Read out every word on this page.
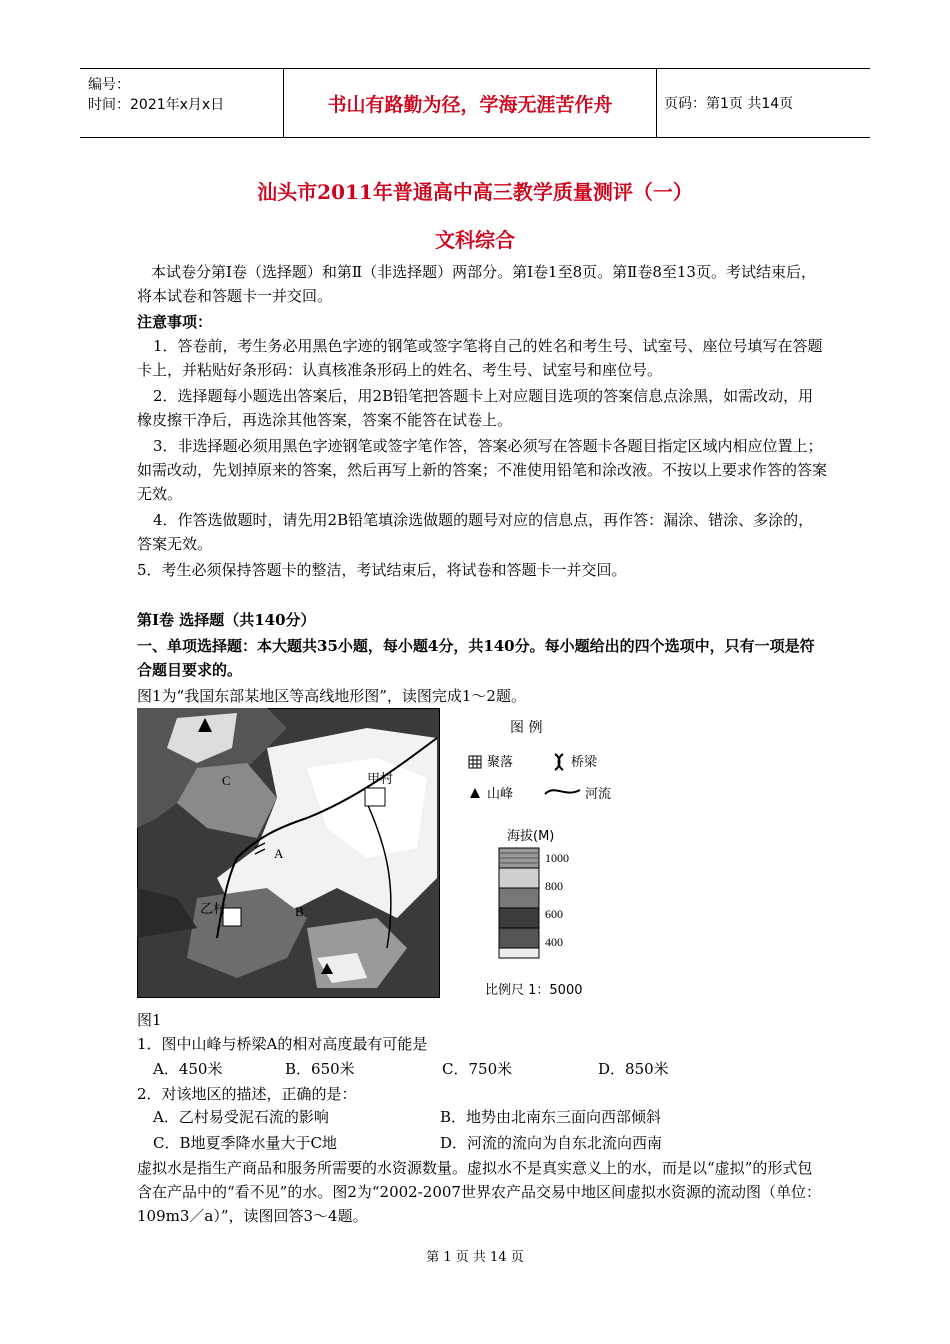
编号：
时间：2021年x月x日	书山有路勤为径，学海无涯苦作舟	页码：第1页 共14页
汕头市2011年普通高中高三教学质量测评（一）
文科综合
本试卷分第Ⅰ卷（选择题）和第Ⅱ（非选择题）两部分。第Ⅰ卷1至8页。第Ⅱ卷8至13页。考试结束后，将本试卷和答题卡一并交回。
注意事项：
1．答卷前，考生务必用黑色字迹的钢笔或签字笔将自己的姓名和考生号、试室号、座位号填写在答题卡上，并粘贴好条形码：认真核准条形码上的姓名、考生号、试室号和座位号。
2．选择题每小题选出答案后，用2B铅笔把答题卡上对应题目选项的答案信息点涂黑，如需改动，用橡皮擦干净后，再选涂其他答案，答案不能答在试卷上。
3．非选择题必须用黑色字迹钢笔或签字笔作答，答案必须写在答题卡各题目指定区域内相应位置上；如需改动，先划掉原来的答案，然后再写上新的答案；不准使用铅笔和涂改液。不按以上要求作答的答案无效。
4．作答选做题时，请先用2B铅笔填涂选做题的题号对应的信息点，再作答：漏涂、错涂、多涂的，答案无效。
5．考生必须保持答题卡的整洁，考试结束后，将试卷和答题卡一并交回。
第Ⅰ卷 选择题（共140分）
一、单项选择题：本大题共35小题，每小题4分，共140分。每小题给出的四个选项中，只有一项是符合题目要求的。
图1为“我国东部某地区等高线地形图”，读图完成1～2题。
C
B
A
甲村
乙村
图 例
聚落	桥梁
山峰	河流
海拔(M)
1000
800
600
400
比例尺 1：5000
图1
1．图中山峰与桥梁A的相对高度最有可能是
A．450米	B．650米	C．750米	D．850米
2．对该地区的描述，正确的是：
A．乙村易受泥石流的影响	B．地势由北南东三面向西部倾斜
C．B地夏季降水量大于C地	D．河流的流向为自东北流向西南
虚拟水是指生产商品和服务所需要的水资源数量。虚拟水不是真实意义上的水，而是以“虚拟”的形式包含在产品中的“看不见”的水。图2为“2002-2007世界农产品交易中地区间虚拟水资源的流动图（单位：109m3／a）”，读图回答3～4题。
第 1 页 共 14 页
